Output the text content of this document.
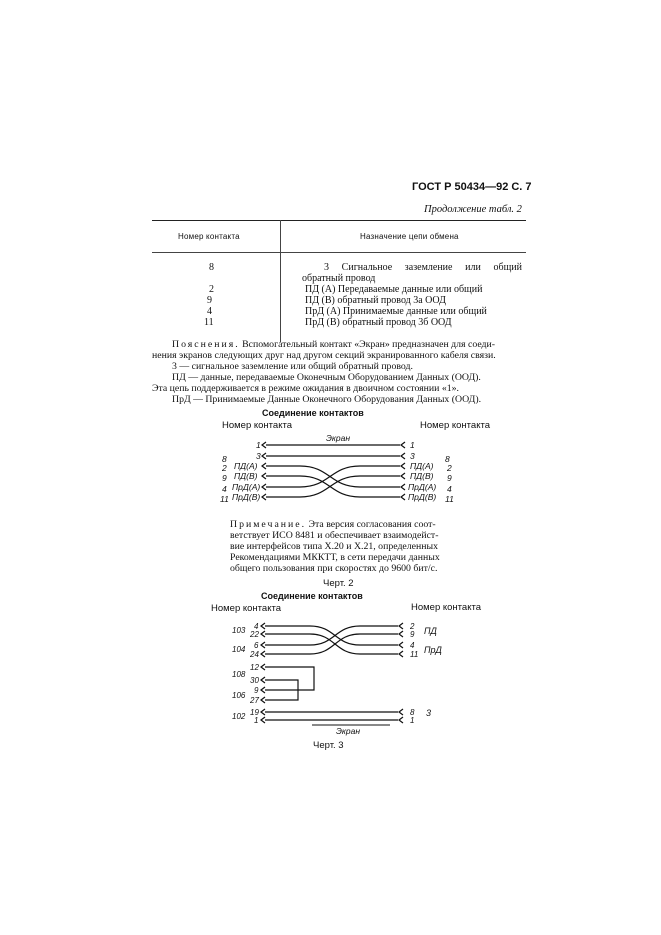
ГОСТ Р 50434—92 С. 7
Продолжение табл. 2
Номер контакта	Назначение цепи обмена
8	3 Сигнальное заземление или общий обратный провод
2	ПД (А) Передаваемые данные или общий
9	ПД (В) обратный провод 3а ООД
4	ПрД (А) Принимаемые данные или общий
11	ПрД (В) обратный провод 3б ООД
Пояснения. Вспомогательный контакт «Экран» предназначен для соеди-
нения экранов следующих друг над другом секций экранированного кабеля связи.
3 — сигнальное заземление или общий обратный провод.
ПД — данные, передаваемые Оконечным Оборудованием Данных (ООД).
Эта цепь поддерживается в режиме ожидания в двоичном состоянии «1».
ПрД — Принимаемые Данные Оконечного Оборудования Данных (ООД).
Соединение контактов
Номер контакта	Номер контакта
Экран
1
3
ПД(А)
ПД(В)
ПрД(А)
ПрД(В)
8
2
9
4
11
1
3
ПД(А)
ПД(В)
ПрД(А)
ПрД(В)
8
2
9
4
11
4
22
6
24
12
30
9
27
19
1
103
104
108
106
102
2
9
4
11
8
1
ПД
ПрД
3
Экран
Примечание. Эта версия согласования соот-
ветствует ИСО 8481 и обеспечивает взаимодейст-
вие интерфейсов типа Х.20 и Х.21, определенных
Рекомендациями МККТТ, в сети передачи данных
общего пользования при скоростях до 9600 бит/с.
Черт. 2
Соединение контактов
Номер контакта	Номер контакта
Черт. 3
